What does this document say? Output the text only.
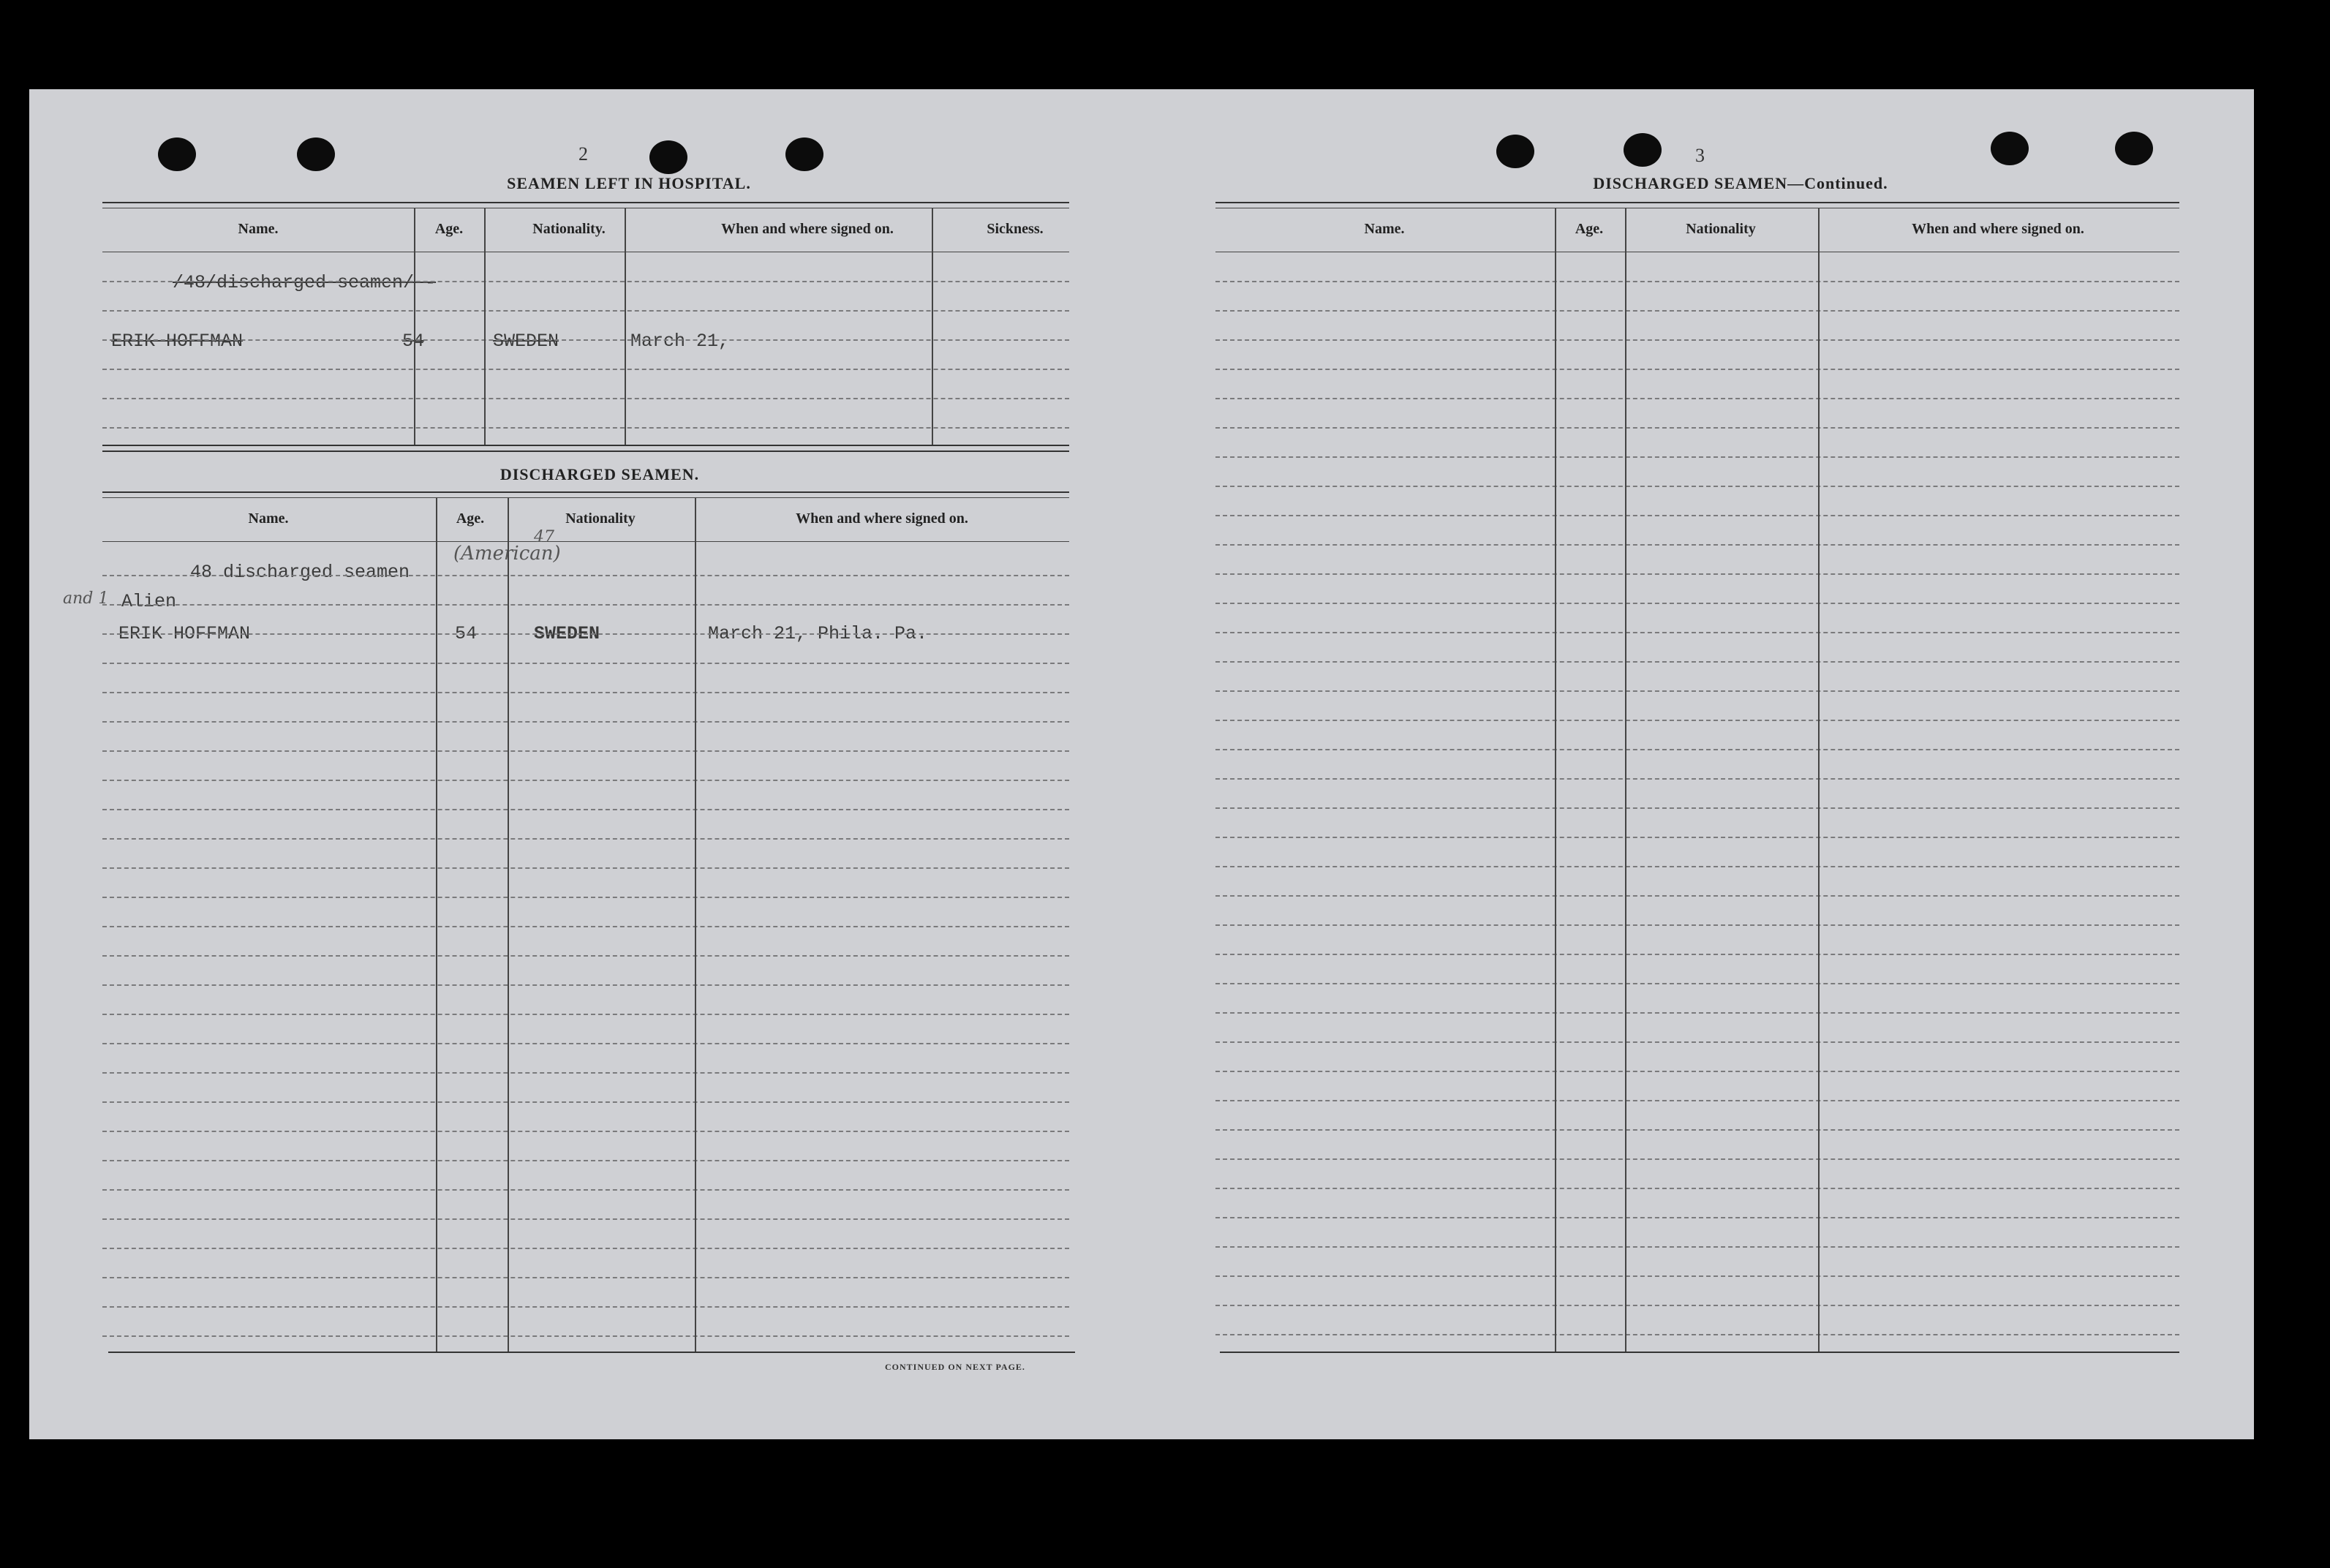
2
SEAMEN LEFT IN HOSPITAL.
Name.	Age.	Nationality.	When and where signed on.	Sickness.
/48/discharged seamen/ -
ERIK HOFFMAN	54	SWEDEN	March 21,
DISCHARGED SEAMEN.
Name.	Age.	Nationality	When and where signed on.
48 discharged seamen
(American)
47
and 1 Alien
ERIK HOFFMAN	54	SWEDEN	March 21, Phila. Pa.
CONTINUED ON NEXT PAGE.
3
DISCHARGED SEAMEN—Continued.
Name.	Age.	Nationality	When and where signed on.
